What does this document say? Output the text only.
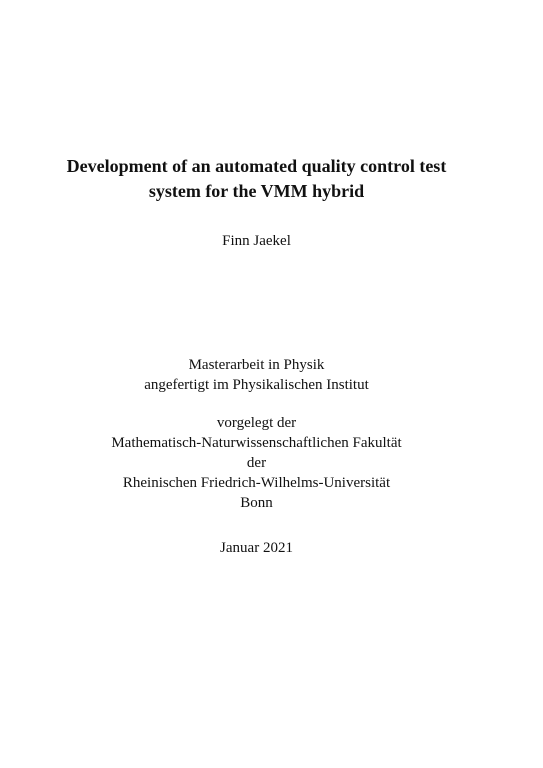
Development of an automated quality control test
system for the VMM hybrid
Finn Jaekel
Masterarbeit in Physik
angefertigt im Physikalischen Institut
vorgelegt der
Mathematisch-Naturwissenschaftlichen Fakultät
der
Rheinischen Friedrich-Wilhelms-Universität
Bonn
Januar 2021
